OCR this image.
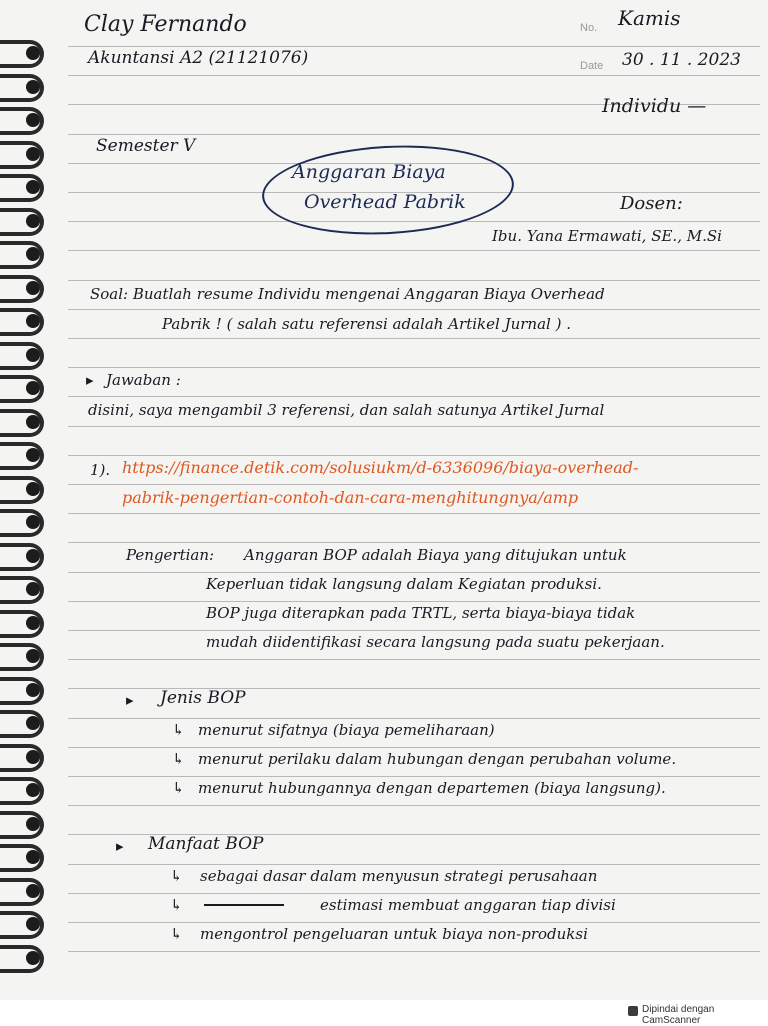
Clay Fernando
Akuntansi A2 (21121076)
No. Kamis
Date 30 . 11 . 2023
Individu —
Semester V
Anggaran Biaya
Overhead Pabrik	Dosen:
Ibu. Yana Ermawati, SE., M.Si
Soal: Buatlah resume Individu mengenai Anggaran Biaya Overhead
Pabrik ! ( salah satu referensi adalah Artikel Jurnal ) .
▸ Jawaban :
disini, saya mengambil 3 referensi, dan salah satunya Artikel Jurnal
1). https://finance.detik.com/solusiukm/d-6336096/biaya-overhead-
pabrik-pengertian-contoh-dan-cara-menghitungnya/amp
Pengertian: Anggaran BOP adalah Biaya yang ditujukan untuk
Keperluan tidak langsung dalam Kegiatan produksi.
BOP juga diterapkan pada TRTL, serta biaya-biaya tidak
mudah diidentifikasi secara langsung pada suatu pekerjaan.
▸ Jenis BOP
↳ menurut sifatnya (biaya pemeliharaan)
↳ menurut perilaku dalam hubungan dengan perubahan volume.
↳ menurut hubungannya dengan departemen (biaya langsung).
▸ Manfaat BOP
↳ sebagai dasar dalam menyusun strategi perusahaan
↳	estimasi membuat anggaran tiap divisi
↳ mengontrol pengeluaran untuk biaya non-produksi
Dipindai dengan CamScanner
